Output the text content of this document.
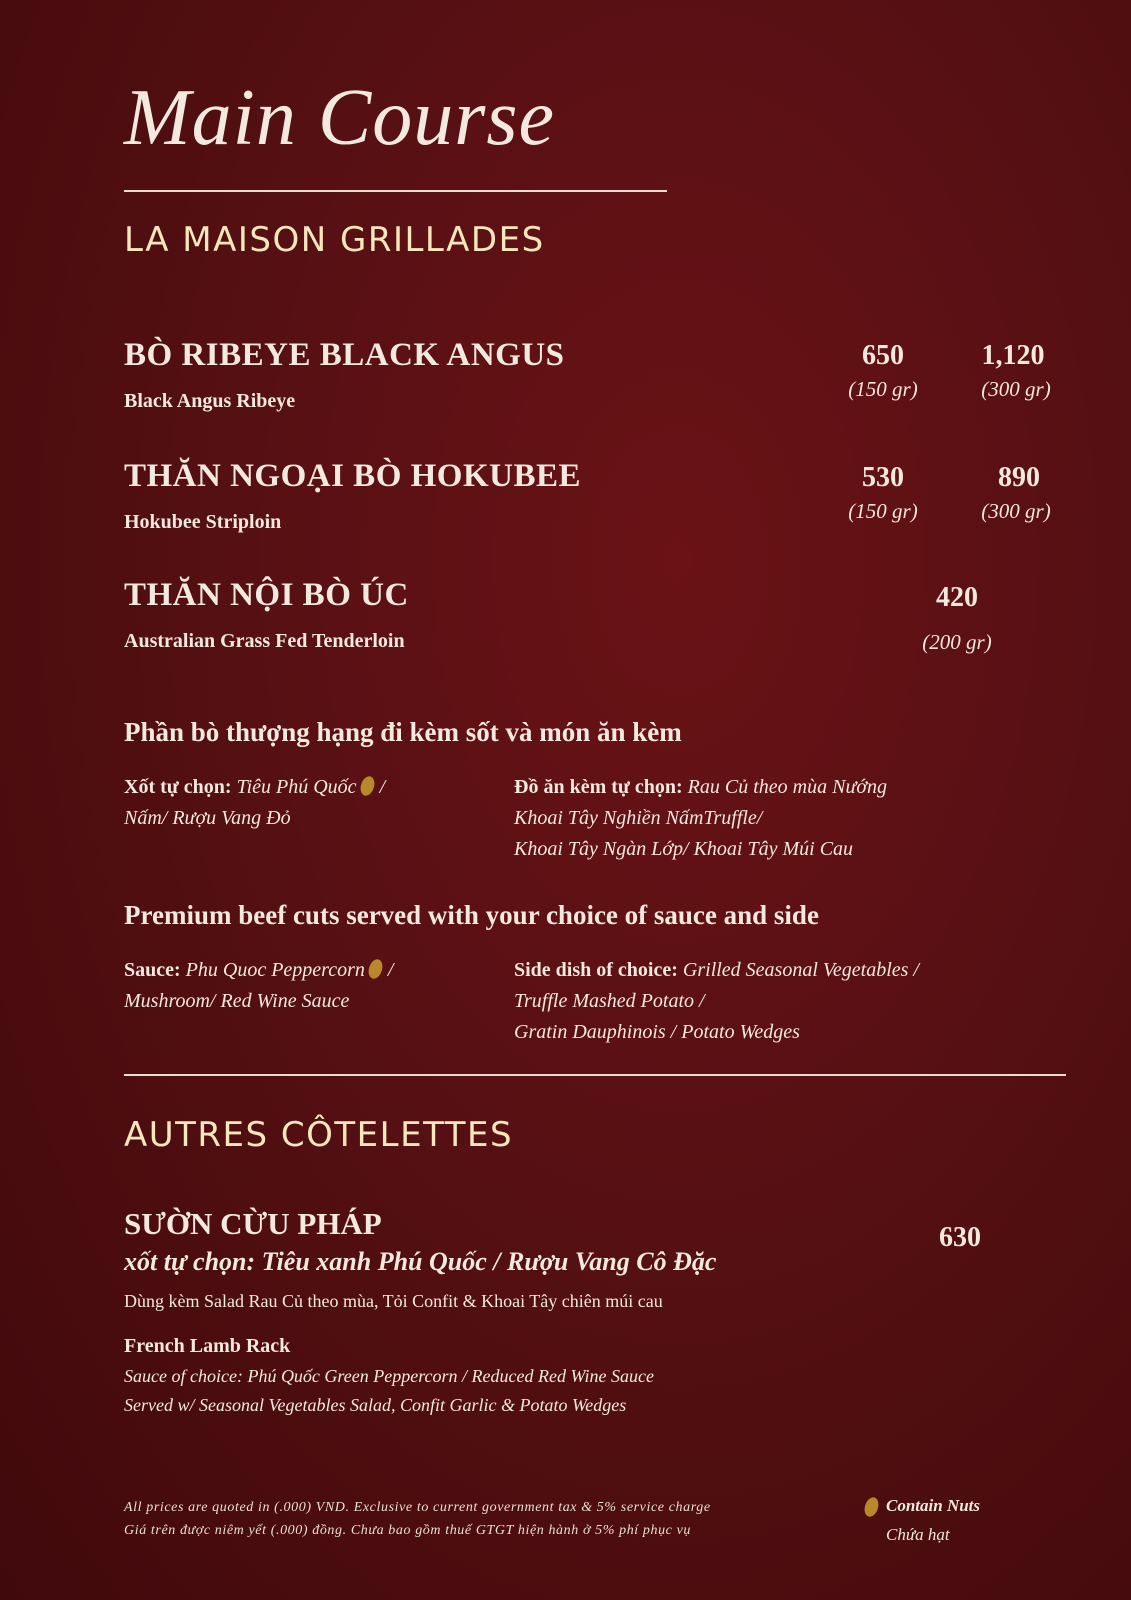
Main Course
LA MAISON GRILLADES
BÒ RIBEYE BLACK ANGUS
Black Angus Ribeye
650
(150 gr)
1,120
(300 gr)
THĂN NGOẠI BÒ HOKUBEE
Hokubee Striploin
530
(150 gr)
890
(300 gr)
THĂN NỘI BÒ ÚC
Australian Grass Fed Tenderloin
420
(200 gr)
Phần bò thượng hạng đi kèm sốt và món ăn kèm
Xốt tự chọn: Tiêu Phú Quốc /
Nấm/ Rượu Vang Đỏ
Đồ ăn kèm tự chọn: Rau Củ theo mùa Nướng
Khoai Tây Nghiền NấmTruffle/
Khoai Tây Ngàn Lớp/ Khoai Tây Múi Cau
Premium beef cuts served with your choice of sauce and side
Sauce: Phu Quoc Peppercorn /
Mushroom/ Red Wine Sauce
Side dish of choice: Grilled Seasonal Vegetables /
Truffle Mashed Potato /
Gratin Dauphinois / Potato Wedges
AUTRES CÔTELETTES
SƯỜN CỪU PHÁP	630
xốt tự chọn: Tiêu xanh Phú Quốc / Rượu Vang Cô Đặc
Dùng kèm Salad Rau Củ theo mùa, Tỏi Confit & Khoai Tây chiên múi cau
French Lamb Rack
Sauce of choice: Phú Quốc Green Peppercorn / Reduced Red Wine Sauce
Served w/ Seasonal Vegetables Salad, Confit Garlic & Potato Wedges
All prices are quoted in (.000) VND. Exclusive to current government tax & 5% service charge
Giá trên được niêm yết (.000) đồng. Chưa bao gồm thuế GTGT hiện hành ở 5% phí phục vụ
Contain Nuts
Chứa hạt
